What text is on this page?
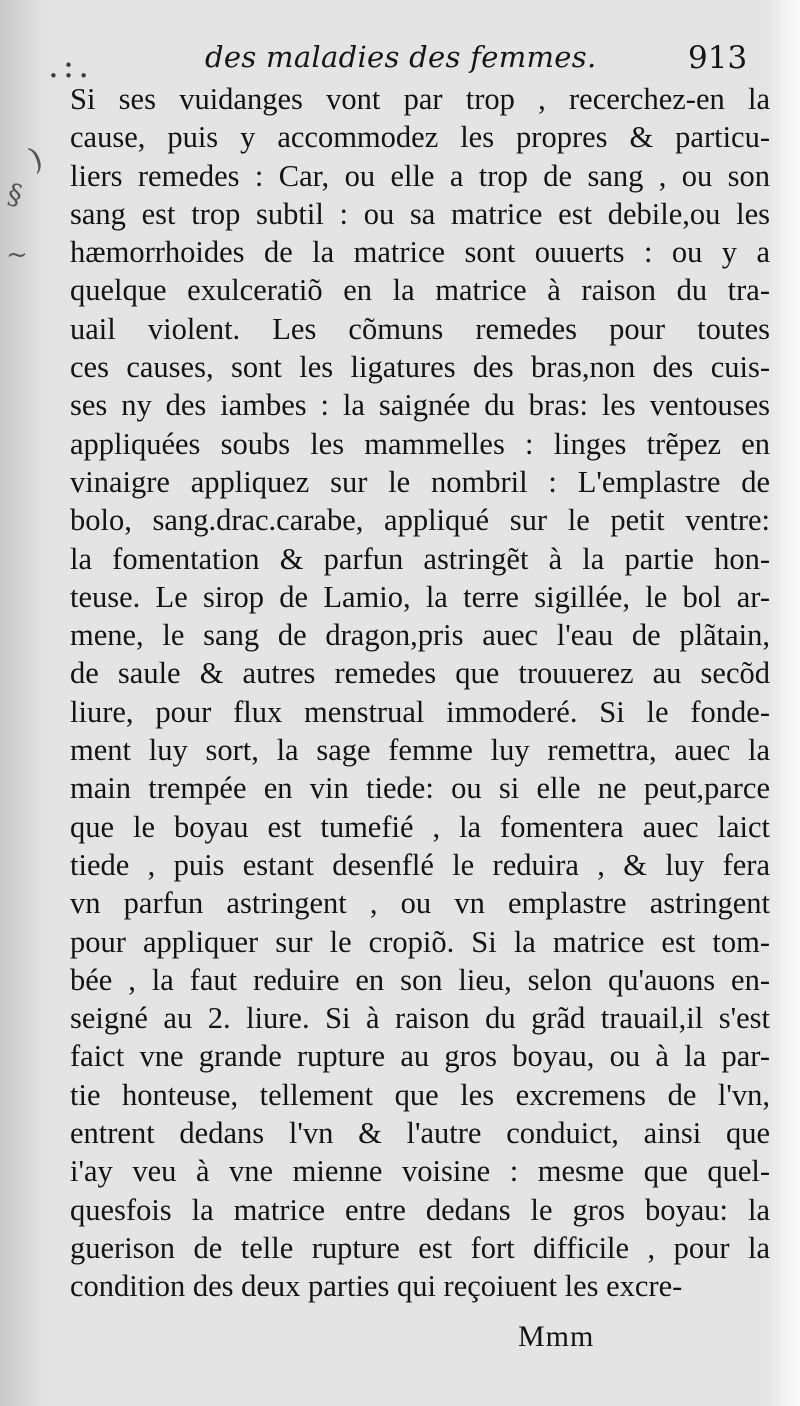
.:.	des maladies des femmes.	913
)
§
~
Si ses vuidanges vont par trop , recerchez-en la
cause, puis y accommodez les propres & particu-
liers remedes : Car, ou elle a trop de sang , ou son
sang est trop subtil : ou sa matrice est debile,ou les
hæmorrhoides de la matrice sont ouuerts : ou y a
quelque exulceratiõ en la matrice à raison du tra-
uail violent. Les cõmuns remedes pour toutes
ces causes, sont les ligatures des bras,non des cuis-
ses ny des iambes : la saignée du bras: les ventouses
appliquées soubs les mammelles : linges trẽpez en
vinaigre appliquez sur le nombril : L'emplastre de
bolo, sang.drac.carabe, appliqué sur le petit ventre:
la fomentation & parfun astringẽt à la partie hon-
teuse. Le sirop de Lamio, la terre sigillée, le bol ar-
mene, le sang de dragon,pris auec l'eau de plãtain,
de saule & autres remedes que trouuerez au secõd
liure, pour flux menstrual immoderé. Si le fonde-
ment luy sort, la sage femme luy remettra, auec la
main trempée en vin tiede: ou si elle ne peut,parce
que le boyau est tumefié , la fomentera auec laict
tiede , puis estant desenflé le reduira , & luy fera
vn parfun astringent , ou vn emplastre astringent
pour appliquer sur le cropiõ. Si la matrice est tom-
bée , la faut reduire en son lieu, selon qu'auons en-
seigné au 2. liure. Si à raison du grãd trauail,il s'est
faict vne grande rupture au gros boyau, ou à la par-
tie honteuse, tellement que les excremens de l'vn,
entrent dedans l'vn & l'autre conduict, ainsi que
i'ay veu à vne mienne voisine : mesme que quel-
quesfois la matrice entre dedans le gros boyau: la
guerison de telle rupture est fort difficile , pour la
condition des deux parties qui reçoiuent les excre-
Mmm
